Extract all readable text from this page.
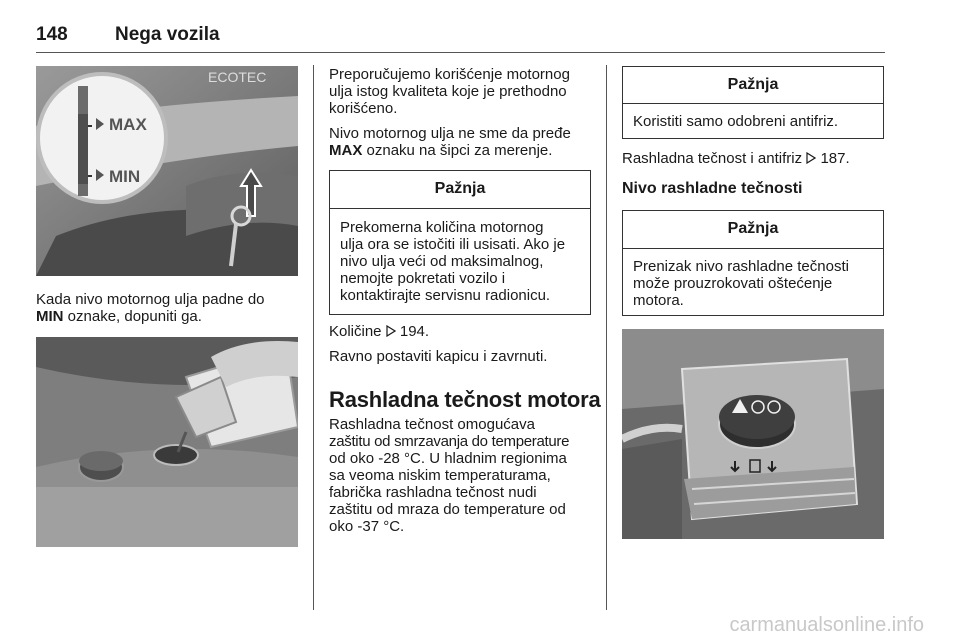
148 Nega vozila
ECOTEC
MAX
MIN
Kada nivo motornog ulja padne do
MIN oznake, dopuniti ga.
Preporučujemo korišćenje motornog
ulja istog kvaliteta koje je prethodno
korišćeno.
Nivo motornog ulja ne sme da pređe
MAX oznaku na šipci za merenje.
Pažnja
Prekomerna količina motornog
ulja ora se istočiti ili usisati. Ako je
nivo ulja veći od maksimalnog,
nemojte pokretati vozilo i
kontaktirajte servisnu radionicu.
Količine 194.
Ravno postaviti kapicu i zavrnuti.
Rashladna tečnost motora
Rashladna tečnost omogućava
zaštitu od smrzavanja do temperature
od oko -28 °C. U hladnim regionima
sa veoma niskim temperaturama,
fabrička rashladna tečnost nudi
zaštitu od mraza do temperature od
oko -37 °C.
Pažnja
Koristiti samo odobreni antifriz.
Rashladna tečnost i antifriz 187.
Nivo rashladne tečnosti
Pažnja
Prenizak nivo rashladne tečnosti
može prouzrokovati oštećenje
motora.
carmanualsonline.info
